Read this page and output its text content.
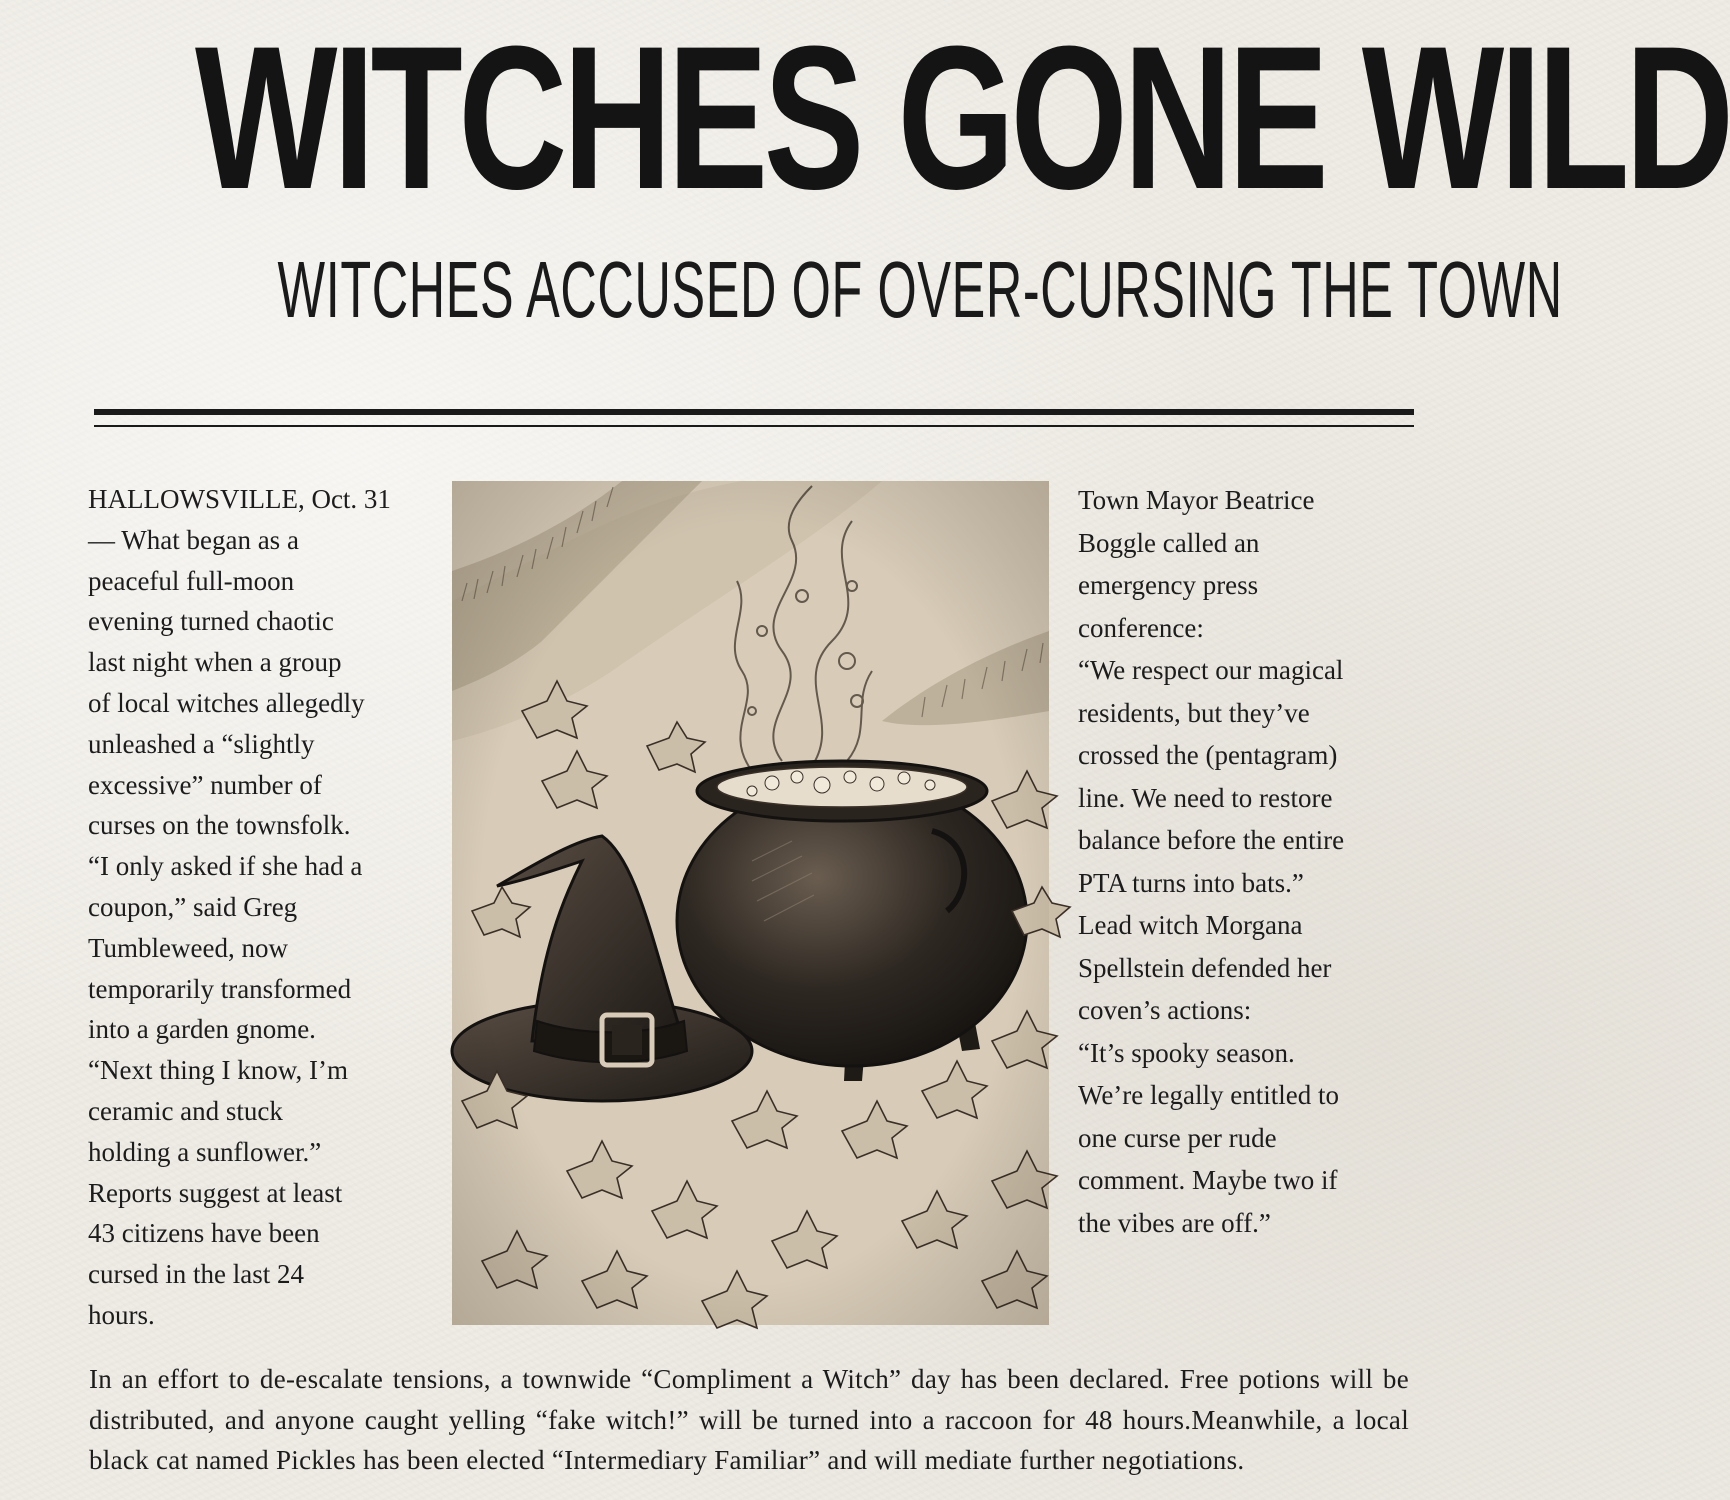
WITCHES GONE WILD
WITCHES ACCUSED OF OVER-CURSING THE TOWN
HALLOWSVILLE, Oct. 31
— What began as a
peaceful full-moon
evening turned chaotic
last night when a group
of local witches allegedly
unleashed a “slightly
excessive” number of
curses on the townsfolk.
“I only asked if she had a
coupon,” said Greg
Tumbleweed, now
temporarily transformed
into a garden gnome.
“Next thing I know, I’m
ceramic and stuck
holding a sunflower.”
Reports suggest at least
43 citizens have been
cursed in the last 24
hours.
Town Mayor Beatrice
Boggle called an
emergency press
conference:
“We respect our magical
residents, but they’ve
crossed the (pentagram)
line. We need to restore
balance before the entire
PTA turns into bats.”
Lead witch Morgana
Spellstein defended her
coven’s actions:
“It’s spooky season.
We’re legally entitled to
one curse per rude
comment. Maybe two if
the vibes are off.”
In an effort to de-escalate tensions, a townwide “Compliment a Witch” day has been declared. Free potions will be distributed, and anyone caught yelling “fake witch!” will be turned into a raccoon for 48 hours.Meanwhile, a local black cat named Pickles has been elected “Intermediary Familiar” and will mediate further negotiations.
